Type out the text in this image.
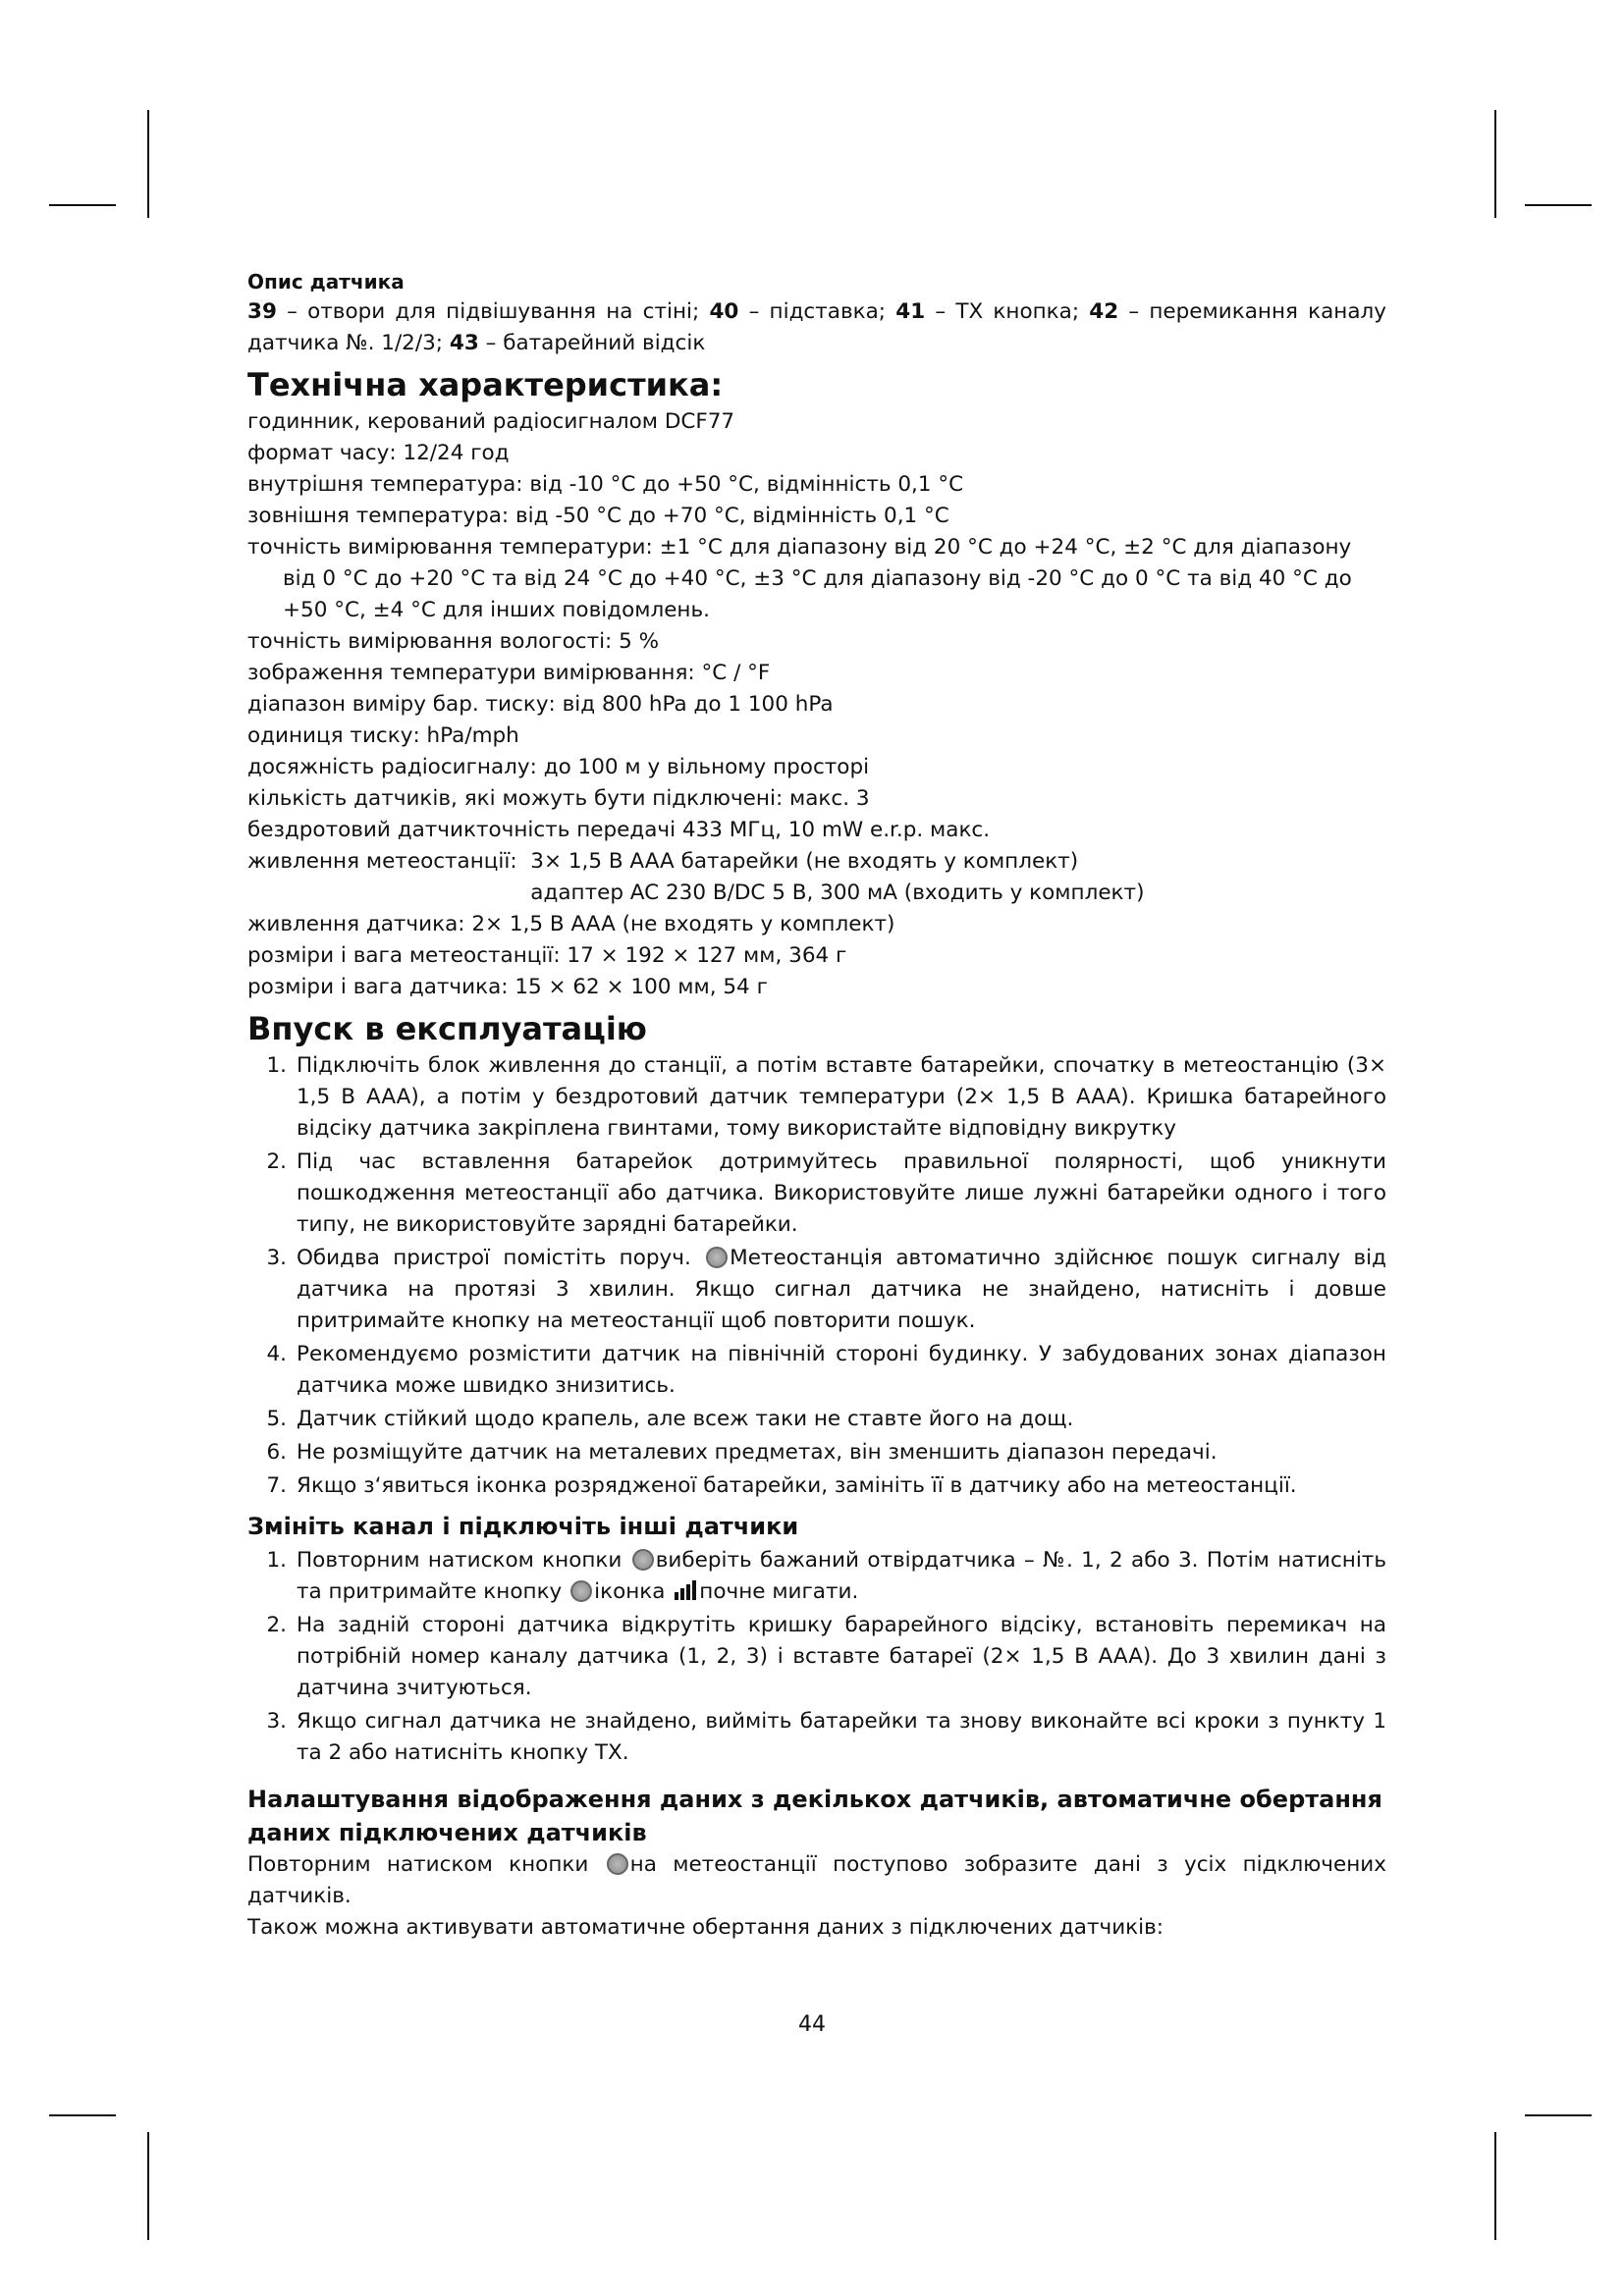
Опис датчика

39 – отвори для підвішування на стіні; 40 – підставка; 41 – TX кнопка; 42 – перемикання каналу датчика №. 1/2/3; 43 – батарейний відсік

Технічна характеристика:

годинник, керований радіосигналом DCF77

формат часу: 12/24 год

внутрішня температура: від -10 °C до +50 °C, відмінність 0,1 °C

зовнішня температура: від -50 °C до +70 °C, відмінність 0,1 °C

точність вимірювання температури: ±1 °C для діапазону від 20 °C до +24 °C, ±2 °C для діапазону від 0 °C до +20 °C та від 24 °C до +40 °C, ±3 °C для діапазону від -20 °C до 0 °C та від 40 °C до +50 °C, ±4 °C для інших повідомлень.

точність вимірювання вологості: 5 %

зображення температури вимірювання: °C / °F

діапазон виміру бар. тиску: від 800 hPa до 1 100 hPa

одиниця тиску: hPa/mph

досяжність радіосигналу: до 100 м у вільному просторі

кількість датчиків, які можуть бути підключені: макс. 3

бездротовий датчикточність передачі 433 МГц, 10 mW e.r.p. макс.

живлення метеостанції: 3× 1,5 В AAA батарейки (не входять у комплект)
адаптер AC 230 В/DC 5 В, 300 мА (входить у комплект)

живлення датчика: 2× 1,5 В AAA (не входять у комплект)

розміри і вага метеостанції: 17 × 192 × 127 мм, 364 г

розміри і вага датчика: 15 × 62 × 100 мм, 54 г

Впуск в експлуатацію

1. Підключіть блок живлення до станції, а потім вставте батарейки, спочатку в метеостанцію (3× 1,5 В AAA), а потім у бездротовий датчик температури (2× 1,5 В AAA). Кришка батарейного відсіку датчика закріплена гвинтами, тому використайте відповідну викрутку
2. Під час вставлення батарейок дотримуйтесь правильної полярності, щоб уникнути пошкодження метеостанції або датчика. Використовуйте лише лужні батарейки одного і того типу, не використовуйте зарядні батарейки.
3. Обидва пристрої помістіть поруч. Метеостанція автоматично здійснює пошук сигналу від датчика на протязі 3 хвилин. Якщо сигнал датчика не знайдено, натисніть і довше притримайте кнопку на метеостанції щоб повторити пошук.
4. Рекомендуємо розмістити датчик на північній стороні будинку. У забудованих зонах діапазон датчика може швидко знизитись.
5. Датчик стійкий щодо крапель, але всеж таки не ставте його на дощ.
6. Не розміщуйте датчик на металевих предметах, він зменшить діапазон передачі.
7. Якщо з‘явиться іконка розрядженої батарейки, замініть її в датчику або на метеостанції.

Змініть канал і підключіть інші датчики

1. Повторним натиском кнопки виберіть бажаний отвірдатчика – №. 1, 2 або 3. Потім натисніть та притримайте кнопку іконка почне мигати.
2. На задній стороні датчика відкрутіть кришку барарейного відсіку, встановіть перемикач на потрібній номер каналу датчика (1, 2, 3) і вставте батареї (2× 1,5 В AAA). До 3 хвилин дані з датчина зчитуються.
3. Якщо сигнал датчика не знайдено, вийміть батарейки та знову виконайте всі кроки з пункту 1 та 2 або натисніть кнопку TX.

Налаштування відображення даних з декількох датчиків, автоматичне обертання даних підключених датчиків

Повторним натиском кнопки на метеостанції поступово зобразите дані з усіх підключених датчиків.

Також можна активувати автоматичне обертання даних з підключених датчиків:

44
